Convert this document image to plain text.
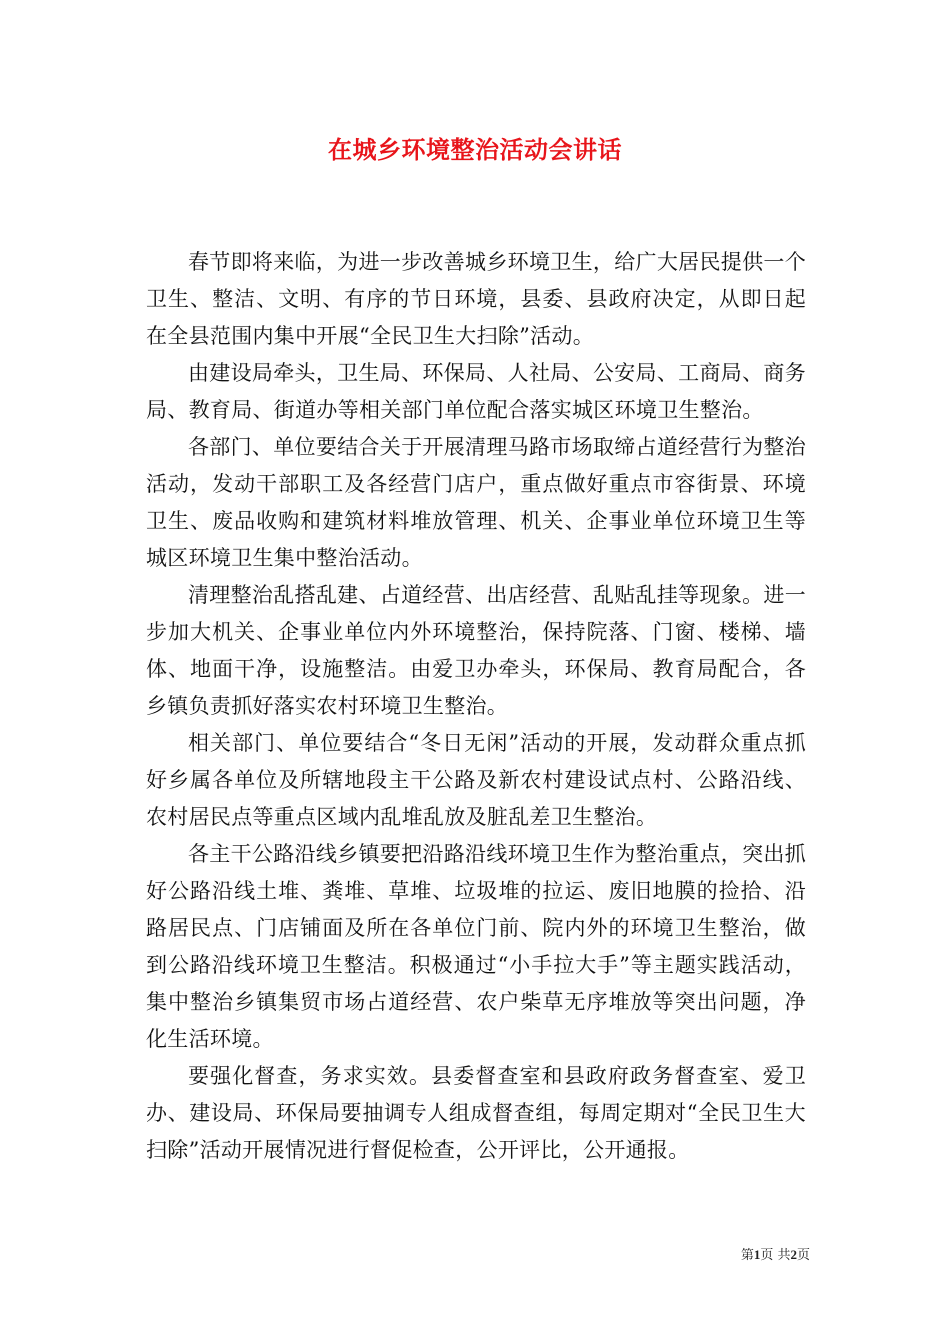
在城乡环境整治活动会讲话

春节即将来临，为进一步改善城乡环境卫生，给广大居民提供一个卫生、整洁、文明、有序的节日环境，县委、县政府决定，从即日起在全县范围内集中开展“全民卫生大扫除”活动。

由建设局牵头，卫生局、环保局、人社局、公安局、工商局、商务局、教育局、街道办等相关部门单位配合落实城区环境卫生整治。

各部门、单位要结合关于开展清理马路市场取缔占道经营行为整治活动，发动干部职工及各经营门店户，重点做好重点市容街景、环境卫生、废品收购和建筑材料堆放管理、机关、企事业单位环境卫生等城区环境卫生集中整治活动。

清理整治乱搭乱建、占道经营、出店经营、乱贴乱挂等现象。进一步加大机关、企事业单位内外环境整治，保持院落、门窗、楼梯、墙体、地面干净，设施整洁。由爱卫办牵头，环保局、教育局配合，各乡镇负责抓好落实农村环境卫生整治。

相关部门、单位要结合“冬日无闲”活动的开展，发动群众重点抓好乡属各单位及所辖地段主干公路及新农村建设试点村、公路沿线、农村居民点等重点区域内乱堆乱放及脏乱差卫生整治。

各主干公路沿线乡镇要把沿路沿线环境卫生作为整治重点，突出抓好公路沿线土堆、粪堆、草堆、垃圾堆的拉运、废旧地膜的捡拾、沿路居民点、门店铺面及所在各单位门前、院内外的环境卫生整治，做到公路沿线环境卫生整洁。积极通过“小手拉大手”等主题实践活动，集中整治乡镇集贸市场占道经营、农户柴草无序堆放等突出问题，净化生活环境。

要强化督查，务求实效。县委督查室和县政府政务督查室、爱卫办、建设局、环保局要抽调专人组成督查组，每周定期对“全民卫生大扫除”活动开展情况进行督促检查，公开评比，公开通报。

第1页 共2页
